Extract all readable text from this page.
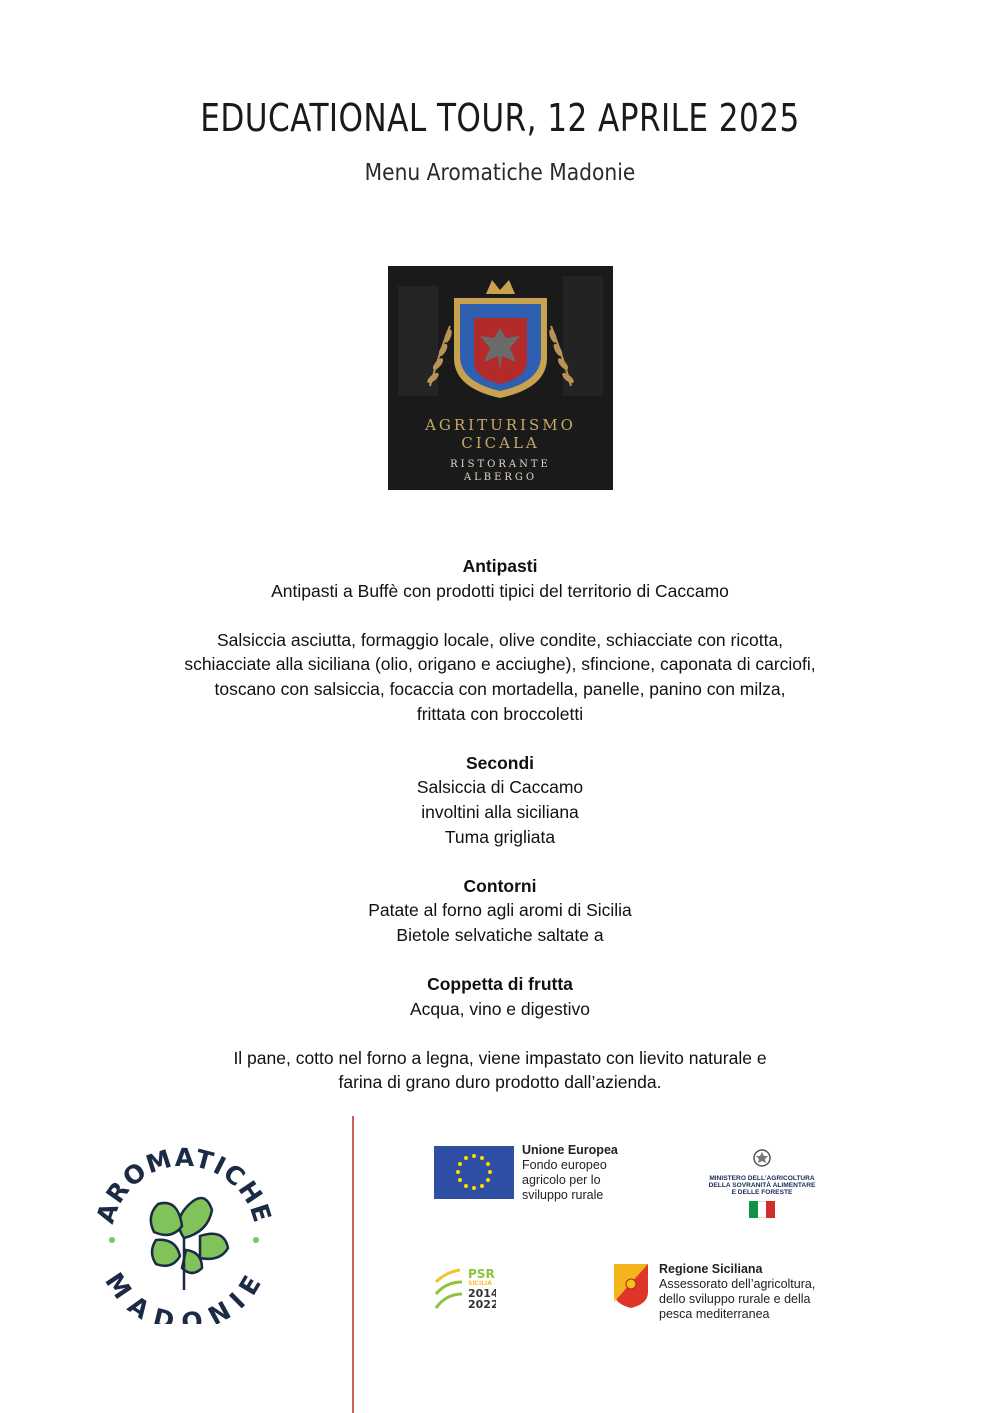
EDUCATIONAL TOUR, 12 APRILE 2025
Menu Aromatiche Madonie
AGRITURISMO
CICALA
RISTORANTE
ALBERGO
Antipasti
Antipasti a Buffè con prodotti tipici del territorio di Caccamo
Salsiccia asciutta, formaggio locale, olive condite, schiacciate con ricotta,
schiacciate alla siciliana (olio, origano e acciughe), sfincione, caponata di carciofi,
toscano con salsiccia, focaccia con mortadella, panelle, panino con milza,
frittata con broccoletti
Secondi
Salsiccia di Caccamo
involtini alla siciliana
Tuma grigliata
Contorni
Patate al forno agli aromi di Sicilia
Bietole selvatiche saltate a
Coppetta di frutta
Acqua, vino e digestivo
Il pane, cotto nel forno a legna, viene impastato con lievito naturale e
farina di grano duro prodotto dall’azienda.
AROMATICHE
MADONIE
Unione Europea
Fondo europeo
agricolo per lo
sviluppo rurale
MINISTERO DELL’AGRICOLTURA
DELLA SOVRANITÀ ALIMENTARE
E DELLE FORESTE
PSR
SICILIA
2014
2022
Regione Siciliana
Assessorato dell’agricoltura,
dello sviluppo rurale e della
pesca mediterranea
